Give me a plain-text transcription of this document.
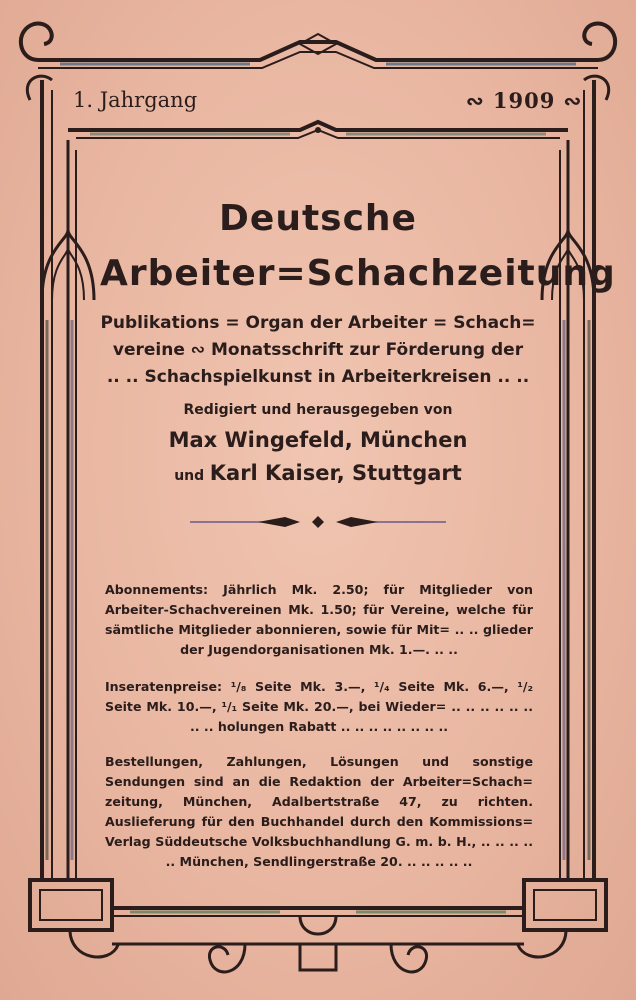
1. Jahrgang	∾ 1909 ∾
Deutsche
Arbeiter=Schachzeitung
Publikations = Organ der Arbeiter = Schach=
vereine ∾ Monatsschrift zur Förderung der
.. .. Schachspielkunst in Arbeiterkreisen .. ..
Redigiert und herausgegeben von
Max Wingefeld, München
und Karl Kaiser, Stuttgart
Abonnements: Jährlich Mk. 2.50; für Mitglieder von Arbeiter-Schachvereinen Mk. 1.50; für Vereine, welche für sämtliche Mitglieder abonnieren, sowie für Mit= .. .. glieder der Jugendorganisationen Mk. 1.—. .. ..
Inseratenpreise: ¹/₈ Seite Mk. 3.—, ¹/₄ Seite Mk. 6.—, ¹/₂ Seite Mk. 10.—, ¹/₁ Seite Mk. 20.—, bei Wieder= .. .. .. .. .. .. .. .. holungen Rabatt .. .. .. .. .. .. .. ..
Bestellungen, Zahlungen, Lösungen und sonstige Sendungen sind an die Redaktion der Arbeiter=Schach= zeitung, München, Adalbertstraße 47, zu richten. Auslieferung für den Buchhandel durch den Kommissions= Verlag Süddeutsche Volksbuchhandlung G. m. b. H., .. .. .. .. .. München, Sendlingerstraße 20. .. .. .. .. ..
